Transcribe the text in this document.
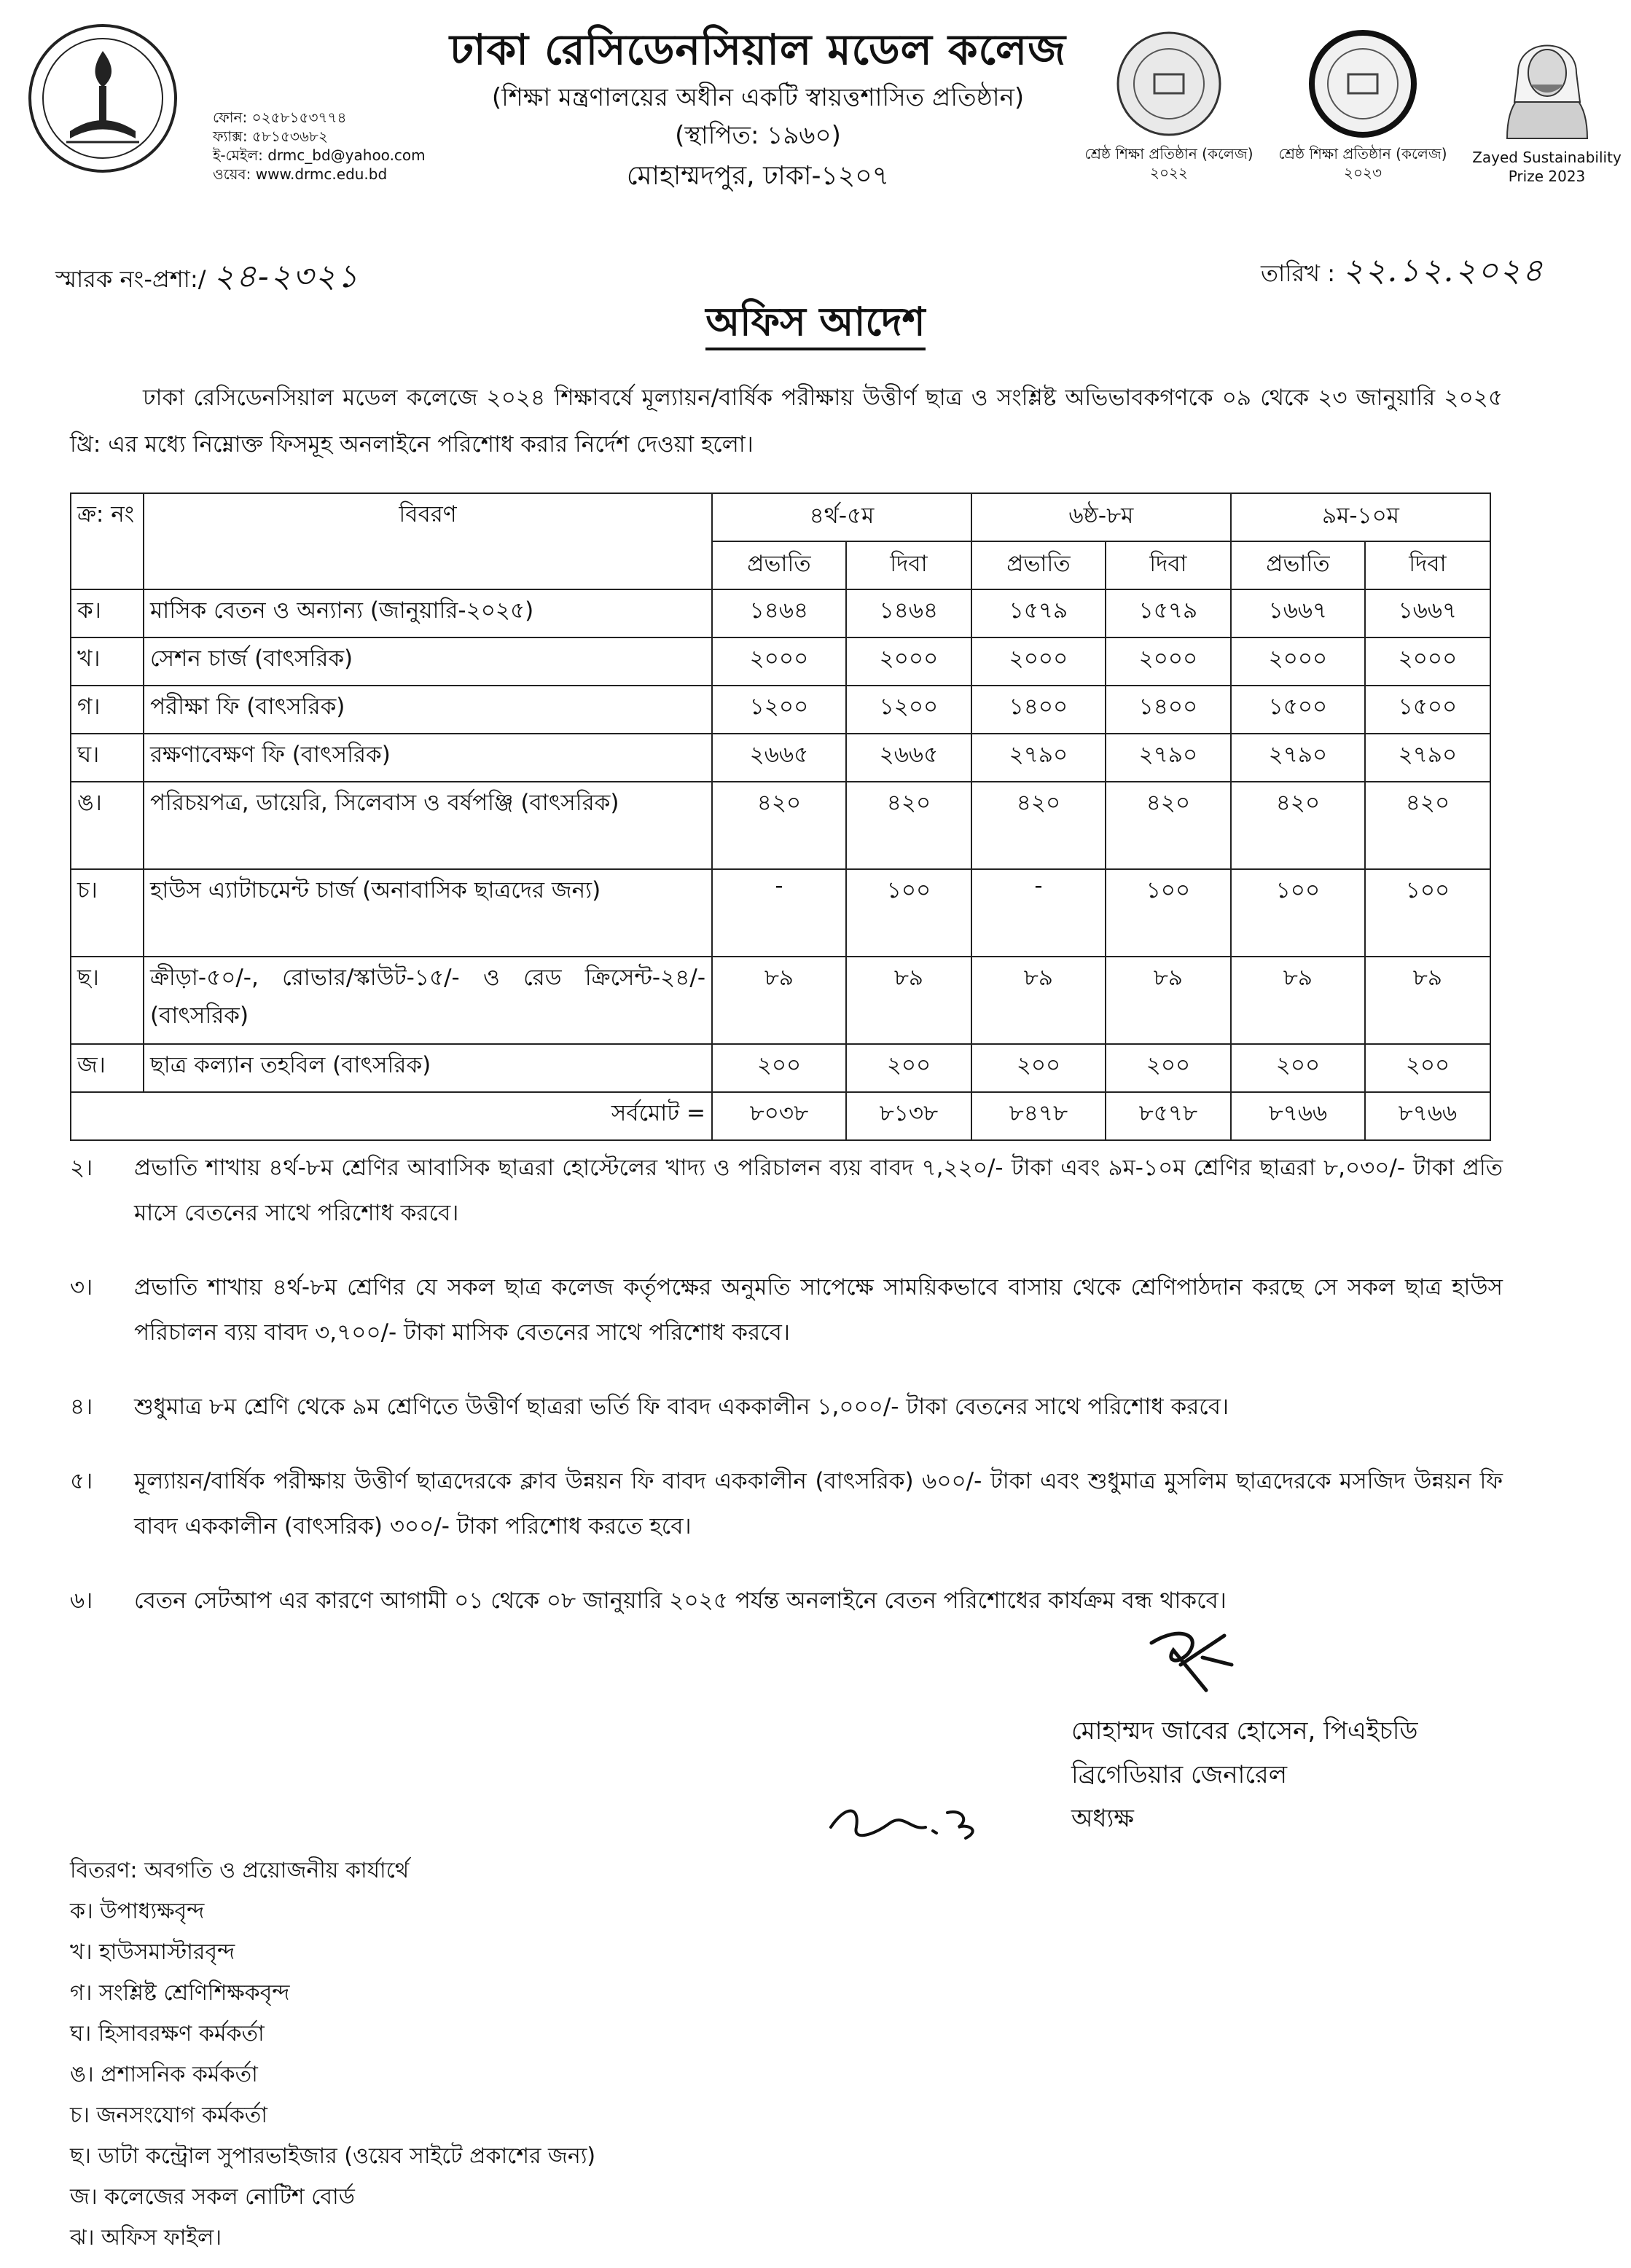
ফোন: ০২৫৮১৫৩৭৭৪
ফ্যাক্স: ৫৮১৫৩৬৮২
ই-মেইল: drmc_bd@yahoo.com
ওয়েব: www.drmc.edu.bd
ঢাকা রেসিডেনসিয়াল মডেল কলেজ
(শিক্ষা মন্ত্রণালয়ের অধীন একটি স্বায়ত্তশাসিত প্রতিষ্ঠান)
(স্থাপিত: ১৯৬০)
মোহাম্মদপুর, ঢাকা-১২০৭
শ্রেষ্ঠ শিক্ষা প্রতিষ্ঠান (কলেজ)
২০২২
শ্রেষ্ঠ শিক্ষা প্রতিষ্ঠান (কলেজ)
২০২৩
Zayed Sustainability
Prize 2023
স্মারক নং-প্রশা:/ ২৪-২৩২১	তারিখ : ২২.১২.২০২৪
অফিস আদেশ
ঢাকা রেসিডেনসিয়াল মডেল কলেজে ২০২৪ শিক্ষাবর্ষে মূল্যায়ন/বার্ষিক পরীক্ষায় উত্তীর্ণ ছাত্র ও সংশ্লিষ্ট অভিভাবকগণকে ০৯ থেকে ২৩ জানুয়ারি ২০২৫ খ্রি: এর মধ্যে নিম্নোক্ত ফিসমূহ অনলাইনে পরিশোধ করার নির্দেশ দেওয়া হলো।
ক্র: নং	বিবরণ	৪র্থ-৫ম		৬ষ্ঠ-৮ম		৯ম-১০ম	
		প্রভাতি	দিবা	প্রভাতি	দিবা	প্রভাতি	দিবা
ক।	মাসিক বেতন ও অন্যান্য (জানুয়ারি-২০২৫)	১৪৬৪	১৪৬৪	১৫৭৯	১৫৭৯	১৬৬৭	১৬৬৭
খ।	সেশন চার্জ (বাৎসরিক)	২০০০	২০০০	২০০০	২০০০	২০০০	২০০০
গ।	পরীক্ষা ফি (বাৎসরিক)	১২০০	১২০০	১৪০০	১৪০০	১৫০০	১৫০০
ঘ।	রক্ষণাবেক্ষণ ফি (বাৎসরিক)	২৬৬৫	২৬৬৫	২৭৯০	২৭৯০	২৭৯০	২৭৯০
ঙ।	পরিচয়পত্র, ডায়েরি, সিলেবাস ও বর্ষপঞ্জি (বাৎসরিক)	৪২০	৪২০	৪২০	৪২০	৪২০	৪২০
চ।	হাউস এ্যাটাচমেন্ট চার্জ (অনাবাসিক ছাত্রদের জন্য)	-	১০০	-	১০০	১০০	১০০
ছ।	ক্রীড়া-৫০/-, রোভার/স্কাউট-১৫/- ও রেড ক্রিসেন্ট-২৪/- (বাৎসরিক)	৮৯	৮৯	৮৯	৮৯	৮৯	৮৯
জ।	ছাত্র কল্যান তহবিল (বাৎসরিক)	২০০	২০০	২০০	২০০	২০০	২০০
সর্বমোট =		৮০৩৮	৮১৩৮	৮৪৭৮	৮৫৭৮	৮৭৬৬	৮৭৬৬
২।	প্রভাতি শাখায় ৪র্থ-৮ম শ্রেণির আবাসিক ছাত্ররা হোস্টেলের খাদ্য ও পরিচালন ব্যয় বাবদ ৭,২২০/- টাকা এবং ৯ম-১০ম শ্রেণির ছাত্ররা ৮,০৩০/- টাকা প্রতি মাসে বেতনের সাথে পরিশোধ করবে।
৩।	প্রভাতি শাখায় ৪র্থ-৮ম শ্রেণির যে সকল ছাত্র কলেজ কর্তৃপক্ষের অনুমতি সাপেক্ষে সাময়িকভাবে বাসায় থেকে শ্রেণিপাঠদান করছে সে সকল ছাত্র হাউস পরিচালন ব্যয় বাবদ ৩,৭০০/- টাকা মাসিক বেতনের সাথে পরিশোধ করবে।
৪।	শুধুমাত্র ৮ম শ্রেণি থেকে ৯ম শ্রেণিতে উত্তীর্ণ ছাত্ররা ভর্তি ফি বাবদ এককালীন ১,০০০/- টাকা বেতনের সাথে পরিশোধ করবে।
৫।	মূল্যায়ন/বার্ষিক পরীক্ষায় উত্তীর্ণ ছাত্রদেরকে ক্লাব উন্নয়ন ফি বাবদ এককালীন (বাৎসরিক) ৬০০/- টাকা এবং শুধুমাত্র মুসলিম ছাত্রদেরকে মসজিদ উন্নয়ন ফি বাবদ এককালীন (বাৎসরিক) ৩০০/- টাকা পরিশোধ করতে হবে।
৬।	বেতন সেটআপ এর কারণে আগামী ০১ থেকে ০৮ জানুয়ারি ২০২৫ পর্যন্ত অনলাইনে বেতন পরিশোধের কার্যক্রম বন্ধ থাকবে।
মোহাম্মদ জাবের হোসেন, পিএইচডি
ব্রিগেডিয়ার জেনারেল
অধ্যক্ষ
বিতরণ: অবগতি ও প্রয়োজনীয় কার্যার্থে
ক। উপাধ্যক্ষবৃন্দ
খ। হাউসমাস্টারবৃন্দ
গ। সংশ্লিষ্ট শ্রেণিশিক্ষকবৃন্দ
ঘ। হিসাবরক্ষণ কর্মকর্তা
ঙ। প্রশাসনিক কর্মকর্তা
চ। জনসংযোগ কর্মকর্তা
ছ। ডাটা কন্ট্রোল সুপারভাইজার (ওয়েব সাইটে প্রকাশের জন্য)
জ। কলেজের সকল নোটিশ বোর্ড
ঝ। অফিস ফাইল।
